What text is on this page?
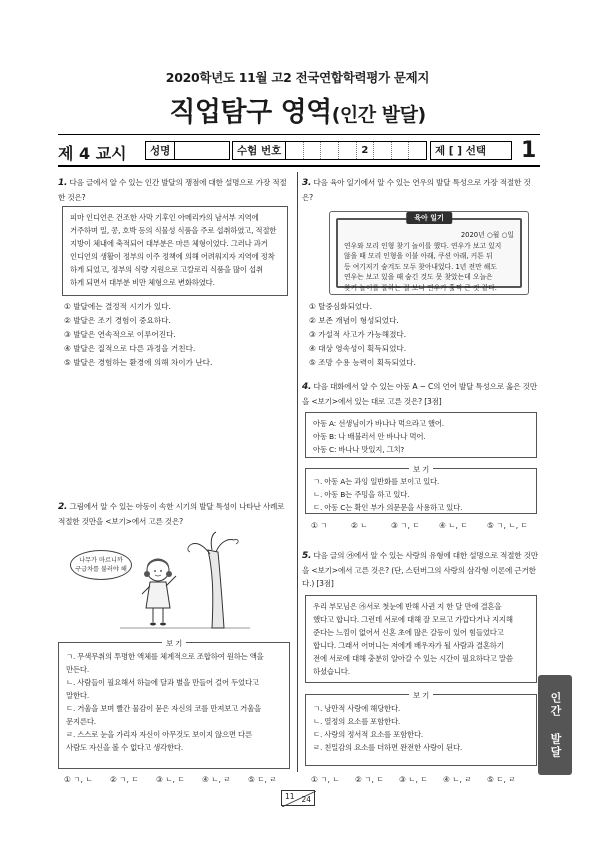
2020학년도 11월 고2 전국연합학력평가 문제지
직업탐구 영역(인간 발달)
제 4 교시	성명	수험 번호	2	제 [ ] 선택 1
1. 다음 글에서 알 수 있는 인간 발달의 쟁점에 대한 설명으로 가장 적절한 것은?
피마 인디언은 건조한 사막 기후인 아메리카의 남서부 지역에
거주하며 밀, 콩, 호박 등의 식물성 식품을 주로 섭취하였고, 적절한
지방이 체내에 축적되어 대부분은 마른 체형이었다. 그러나 과거
인디언의 생활이 정부의 이주 정책에 의해 어려워지자 지역에 정착
하게 되었고, 정부의 식량 지원으로 고칼로리 식품을 많이 섭취
하게 되면서 대부분 비만 체형으로 변화하였다.
① 발달에는 결정적 시기가 있다.
② 발달은 조기 경험이 중요하다.
③ 발달은 연속적으로 이루어진다.
④ 발달은 질적으로 다른 과정을 거친다.
⑤ 발달은 경험하는 환경에 의해 차이가 난다.
2. 그림에서 알 수 있는 아동이 속한 시기의 발달 특성이 나타난 사례로 적절한 것만을 <보기>에서 고른 것은?
나무가 마르니까
구급차를 불러야 해
보 기
ㄱ. 무색무취의 투명한 액체를 체계적으로 조합하여 원하는 액을
만든다.
ㄴ. 사람들이 필요해서 하늘에 달과 별을 만들어 걸어 두었다고
말한다.
ㄷ. 거울을 보며 빨간 물감이 묻은 자신의 코를 만져보고 거울을
문지른다.
ㄹ. 스스로 눈을 가리자 자신이 아무것도 보이지 않으면 다른
사람도 자신을 볼 수 없다고 생각한다.
① ㄱ, ㄴ	② ㄱ, ㄷ	③ ㄴ, ㄷ	④ ㄴ, ㄹ	⑤ ㄷ, ㄹ
3. 다음 육아 일기에서 알 수 있는 연우의 발달 특성으로 가장 적절한 것은?
2020년 ○월 ○일
연우와 모리 인형 찾기 놀이를 했다. 연우가 보고 있지
않을 때 모리 인형을 이불 아래, 쿠션 아래, 커튼 뒤
등 여기저기 숨겨도 모두 찾아내었다. 1년 전만 해도
연우는 보고 있을 때 숨긴 것도 못 찾았는데 오늘은
찾기 놀이를 잘하는 걸 보니 연우가 훌쩍 큰 것 같다.
육아 일기
① 탈중심화되었다.
② 보존 개념이 형성되었다.
③ 가설적 사고가 가능해졌다.
④ 대상 영속성이 획득되었다.
⑤ 조망 수용 능력이 획득되었다.
4. 다음 대화에서 알 수 있는 아동 A ~ C의 언어 발달 특성으로 옳은 것만을 <보기>에서 있는 대로 고른 것은? [3점]
아동 A: 선생님이가 바나나 먹으라고 했어.
아동 B: 나 배불러서 안 바나나 먹어.
아동 C: 바나나 맛있지, 그치?
보 기
ㄱ. 아동 A는 과잉 일반화를 보이고 있다.
ㄴ. 아동 B는 주밍을 하고 있다.
ㄷ. 아동 C는 확인 부가 의문문을 사용하고 있다.
① ㄱ	② ㄴ	③ ㄱ, ㄷ	④ ㄴ, ㄷ	⑤ ㄱ, ㄴ, ㄷ
5. 다음 글의 ㉮에서 알 수 있는 사랑의 유형에 대한 설명으로 적절한 것만을 <보기>에서 고른 것은? (단, 스턴버그의 사랑의 삼각형 이론에 근거한다.) [3점]
우리 부모님은 ㉮서로 첫눈에 반해 사귄 지 한 달 만에 결혼을
했다고 합니다. 그런데 서로에 대해 잘 모르고 가깝다거나 지지해
준다는 느낌이 없어서 신혼 초에 많은 갈등이 있어 힘들었다고
합니다. 그래서 어머니는 저에게 배우자가 될 사람과 결혼하기
전에 서로에 대해 충분히 알아갈 수 있는 시간이 필요하다고 말씀
하셨습니다.
보 기
ㄱ. 낭만적 사랑에 해당한다.
ㄴ. 열정의 요소를 포함한다.
ㄷ. 사랑의 정서적 요소를 포함한다.
ㄹ. 친밀감의 요소를 더하면 완전한 사랑이 된다.
① ㄱ, ㄴ	② ㄱ, ㄷ	③ ㄴ, ㄷ	④ ㄴ, ㄹ	⑤ ㄷ, ㄹ
인간 발달
11 24
